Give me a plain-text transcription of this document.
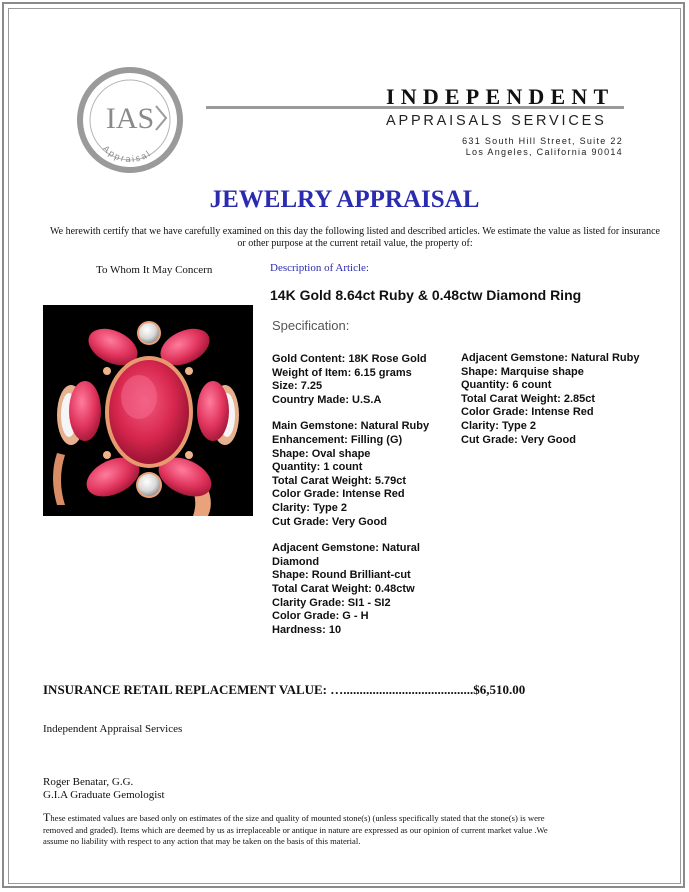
IAS
Appraisal
INDEPENDENT
APPRAISALS SERVICES
631 South Hill Street, Suite 22
Los Angeles, California 90014
JEWELRY APPRAISAL
We herewith certify that we have carefully examined on this day the following listed and described articles. We estimate the value as listed for insurance or other purpose at the current retail value, the property of:
To Whom It May Concern	Description of Article:
14K Gold 8.64ct Ruby & 0.48ctw Diamond Ring
Specification:
Gold Content: 18K Rose Gold
Weight of Item: 6.15 grams
Size: 7.25
Country Made: U.S.A
Main Gemstone: Natural Ruby
Enhancement: Filling (G)
Shape: Oval shape
Quantity: 1 count
Total Carat Weight: 5.79ct
Color Grade: Intense Red
Clarity: Type 2
Cut Grade: Very Good
Adjacent Gemstone: Natural Diamond
Shape: Round Brilliant-cut
Total Carat Weight: 0.48ctw
Clarity Grade: SI1 - SI2
Color Grade: G - H
Hardness: 10
Adjacent Gemstone: Natural Ruby
Shape: Marquise shape
Quantity: 6 count
Total Carat Weight: 2.85ct
Color Grade: Intense Red
Clarity: Type 2
Cut Grade: Very Good
INSURANCE RETAIL REPLACEMENT VALUE: …........................................$6,510.00
Independent Appraisal Services
Roger Benatar, G.G.
G.I.A Graduate Gemologist
These estimated values are based only on estimates of the size and quality of mounted stone(s) (unless specifically stated that the stone(s) is were removed and graded). Items which are deemed by us as irreplaceable or antique in nature are expressed as our opinion of current market value .We assume no liability with respect to any action that may be taken on the basis of this material.
